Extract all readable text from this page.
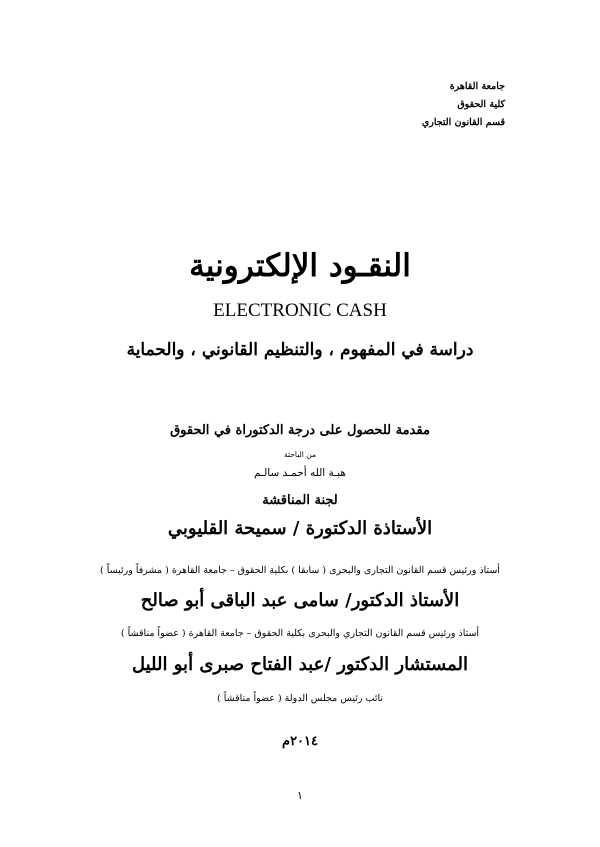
جامعة القاهرة
كلية الحقوق
قسم القانون التجاري
النقـود الإلكترونية
ELECTRONIC CASH
دراسة في المفهوم ، والتنظيم القانوني ، والحماية
مقدمة للحصول على درجة الدكتوراة في الحقوق
من الباحثة
هبـة الله أحمـد سالـم
لجنة المناقشة
الأستاذة الدكتورة / سميحة القليوبي
أستاذ ورئيس قسم القانون التجارى والبحرى ( سابقا ) بكلية الحقوق – جامعة القاهرة ( مشرفاً ورئيساً )
الأستاذ الدكتور/ سامى عبد الباقى أبو صالح
أستاذ ورئيس قسم القانون التجاري والبحرى بكلية الحقوق – جامعة القاهرة ( عضواً مناقشاً )
المستشار الدكتور /عبد الفتاح صبرى أبو الليل
نائب رئيس مجلس الدولة ( عضواً مناقشاً )
٢٠١٤م
١
